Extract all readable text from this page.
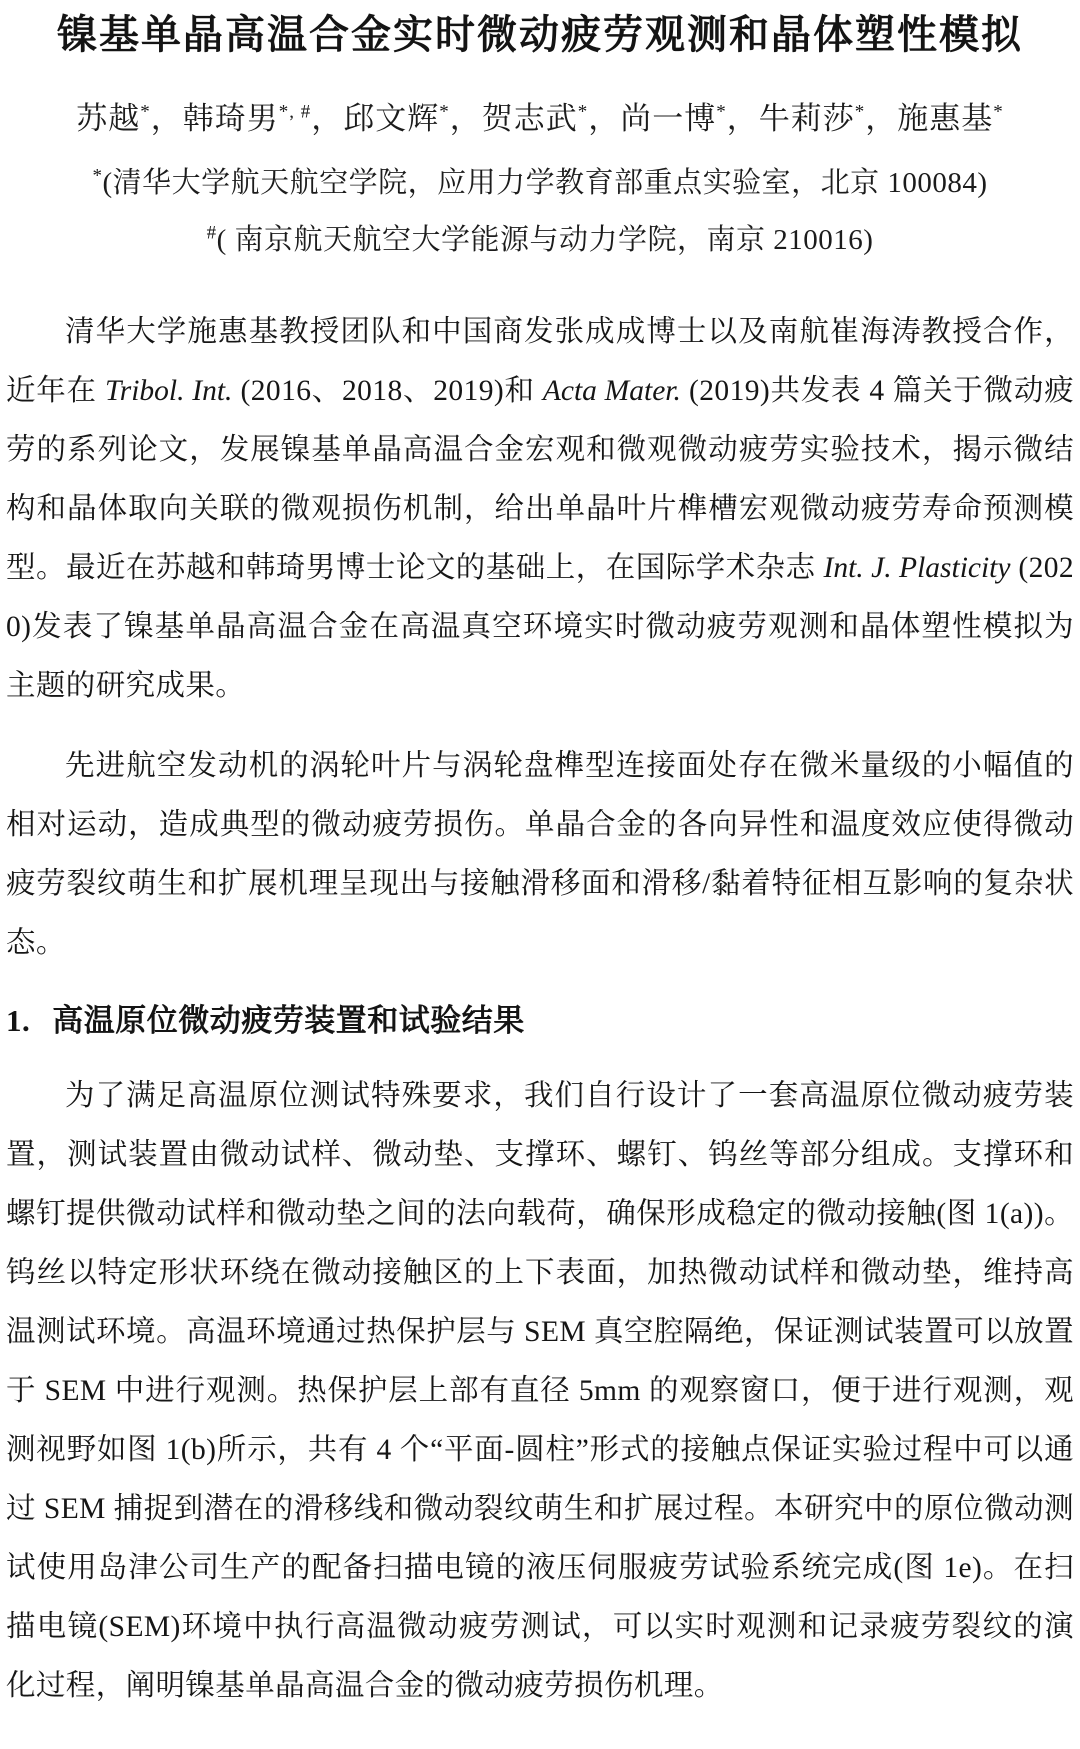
镍基单晶高温合金实时微动疲劳观测和晶体塑性模拟
苏越*，韩琦男*, #，邱文辉*，贺志武*，尚一博*，牛莉莎*，施惠基*
*(清华大学航天航空学院，应用力学教育部重点实验室，北京 100084)
#( 南京航天航空大学能源与动力学院，南京 210016)

清华大学施惠基教授团队和中国商发张成成博士以及南航崔海涛教授合作，近年在 Tribol. Int. (2016、2018、2019)和 Acta Mater. (2019)共发表 4 篇关于微动疲劳的系列论文，发展镍基单晶高温合金宏观和微观微动疲劳实验技术，揭示微结构和晶体取向关联的微观损伤机制，给出单晶叶片榫槽宏观微动疲劳寿命预测模型。最近在苏越和韩琦男博士论文的基础上，在国际学术杂志 Int. J. Plasticity (2020)发表了镍基单晶高温合金在高温真空环境实时微动疲劳观测和晶体塑性模拟为主题的研究成果。

先进航空发动机的涡轮叶片与涡轮盘榫型连接面处存在微米量级的小幅值的相对运动，造成典型的微动疲劳损伤。单晶合金的各向异性和温度效应使得微动疲劳裂纹萌生和扩展机理呈现出与接触滑移面和滑移/黏着特征相互影响的复杂状态。

1. 高温原位微动疲劳装置和试验结果

为了满足高温原位测试特殊要求，我们自行设计了一套高温原位微动疲劳装置，测试装置由微动试样、微动垫、支撑环、螺钉、钨丝等部分组成。支撑环和螺钉提供微动试样和微动垫之间的法向载荷，确保形成稳定的微动接触(图 1(a))。钨丝以特定形状环绕在微动接触区的上下表面，加热微动试样和微动垫，维持高温测试环境。高温环境通过热保护层与 SEM 真空腔隔绝，保证测试装置可以放置于 SEM 中进行观测。热保护层上部有直径 5mm 的观察窗口，便于进行观测，观测视野如图 1(b)所示，共有 4 个“平面-圆柱”形式的接触点保证实验过程中可以通过 SEM 捕捉到潜在的滑移线和微动裂纹萌生和扩展过程。本研究中的原位微动测试使用岛津公司生产的配备扫描电镜的液压伺服疲劳试验系统完成(图 1e)。在扫描电镜(SEM)环境中执行高温微动疲劳测试，可以实时观测和记录疲劳裂纹的演化过程，阐明镍基单晶高温合金的微动疲劳损伤机理。
